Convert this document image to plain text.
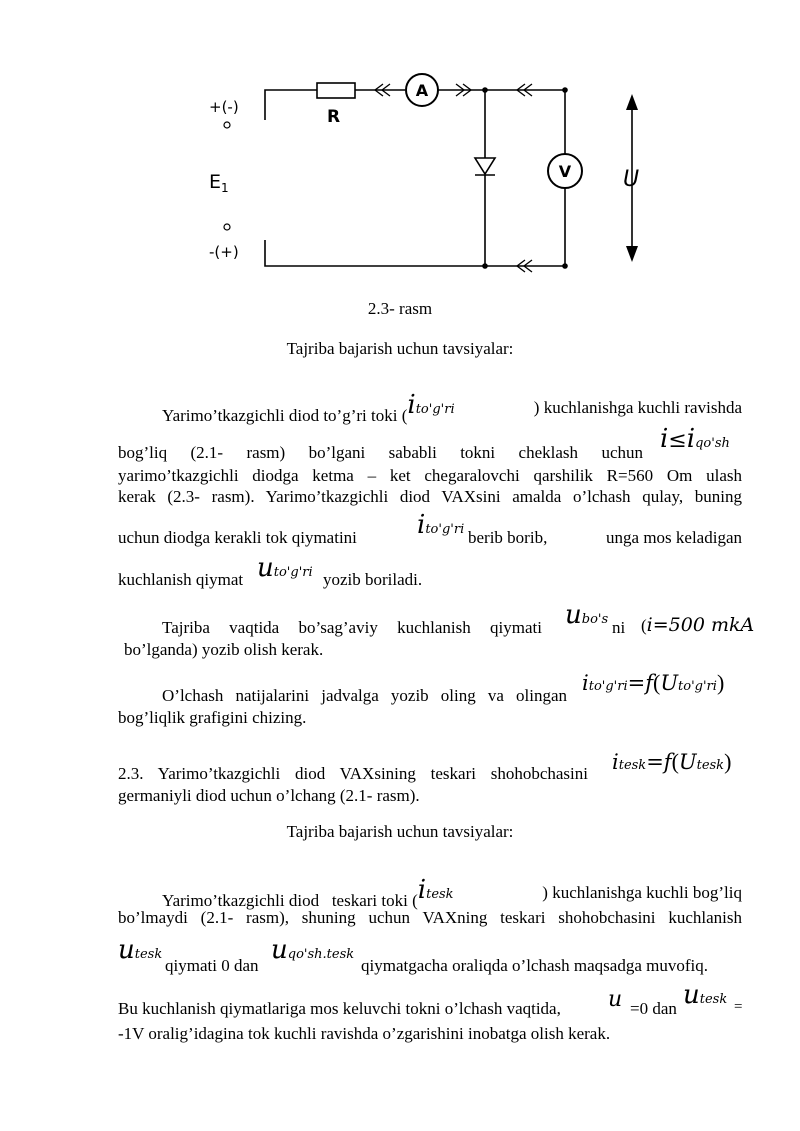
+(-)
-(+)
$E_1$
R
A
V U
2.3- rasm
Tajriba bajarish uchun tavsiyalar:
Yarimo’tkazgichli diod to’g’ri toki ($i^{to'g'ri}$	) kuchlanishga kuchli ravishda
bog’liq (2.1- rasm) bo’lgani sababli tokni cheklash uchun i≤iqo'sh
yarimo’tkazgichli diodga ketma – ket chegaralovchi qarshilik R=560 Om ulash
kerak (2.3- rasm). Yarimo’tkazgichli diod VAXsini amalda o’lchash qulay, buning
uchun diodga kerakli tok qiymatini ito'g'ri berib borib,	unga mos keladigan
kuchlanish qiymat uto'g'ri yozib boriladi.
Tajriba vaqtida bo’sag’aviy kuchlanish qiymati ubo's ni (i=500 mkA
bo’lganda) yozib olish kerak.
O’lchash natijalarini jadvalga yozib oling va olingan
ito'g'ri=f(Uto'g'ri)
bog’liqlik grafigini chizing.
2.3. Yarimo’tkazgichli diod VAXsining teskari shohobchasini itesk=f(Utesk)
germaniyli diod uchun o’lchang (2.1- rasm).
Tajriba bajarish uchun tavsiyalar:
Yarimo’tkazgichli diod   teskari toki ($i^{tesk}$	) kuchlanishga kuchli bog’liq
bo’lmaydi (2.1- rasm), shuning uchun VAXning teskari shohobchasini kuchlanish
utesk
qiymati 0 dan
uqo'sh.tesk
qiymatgacha oraliqda o’lchash maqsadga muvofiq.
Bu kuchlanish qiymatlariga mos keluvchi tokni o’lchash vaqtida, u =0 dan utesk =
-1V oralig’idagina tok kuchli ravishda o’zgarishini inobatga olish kerak.
